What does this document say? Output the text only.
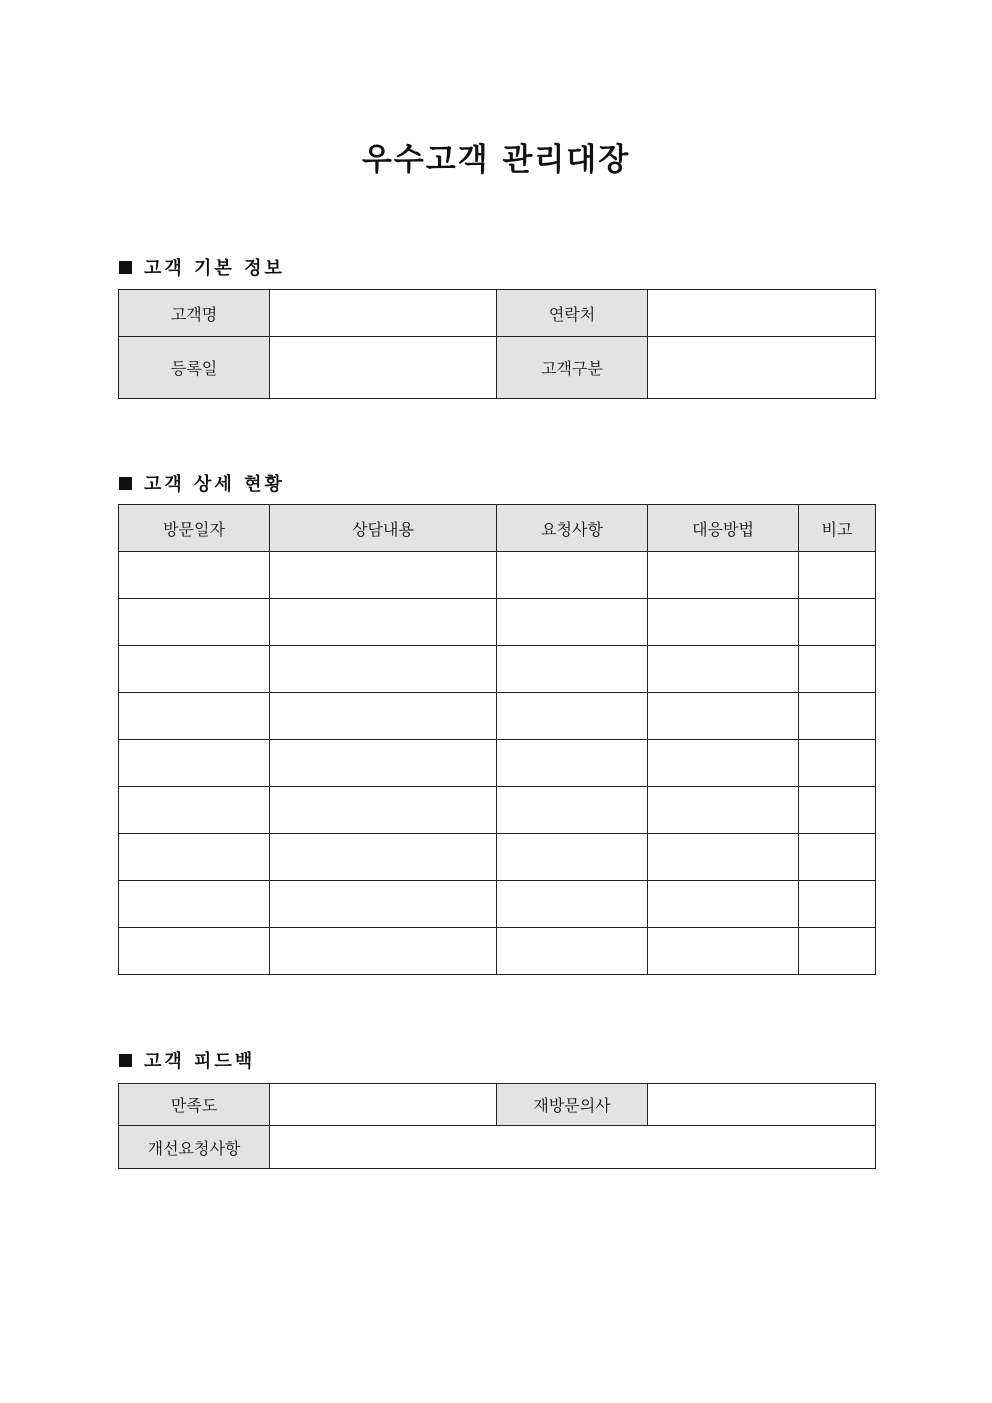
우수고객 관리대장
고객 기본 정보
고객명		연락처	
등록일		고객구분	
고객 상세 현황
방문일자	상담내용	요청사항	대응방법	비고

고객 피드백
만족도		재방문의사	
개선요청사항			
